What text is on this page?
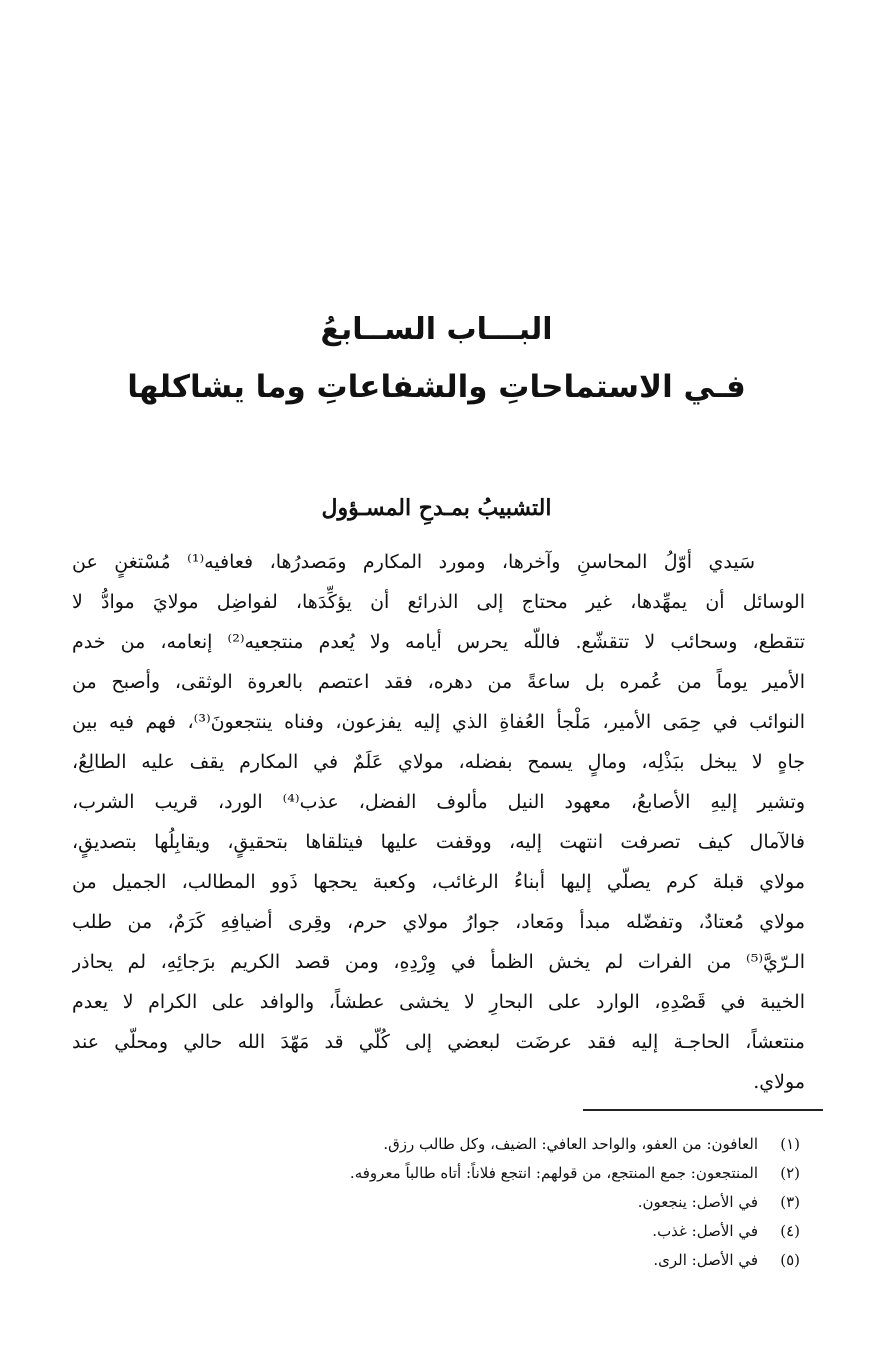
البـــاب الســابعُ
فـي الاستماحاتِ والشفاعاتِ وما يشاكلها
التشبيبُ بمـدحِ المسـؤول
سَيدي أوّلُ المحاسنِ وآخرها، ومورد المكارم ومَصدرُها، فعافيه⁽¹⁾ مُسْتغنٍ عن
الوسائل أن يمهِّدها، غير محتاج إلى الذرائع أن يؤكِّدَها، لفواضِل مولايَ موادُّ لا
تتقطع، وسحائب لا تتقشّع. فاللّه يحرس أيامه ولا يُعدم منتجعيه⁽²⁾ إنعامه، من خدم
الأمير يوماً من عُمره بل ساعةً من دهره، فقد اعتصم بالعروة الوثقى، وأصبح من
النوائب في حِمَى الأمير، مَلْجأ العُفاةِ الذي إليه يفزعون، وفناه ينتجعونَ⁽³⁾، فهم فيه بين
جاهٍ لا يبخل ببَذْلِه، ومالٍ يسمح بفضله، مولاي عَلَمٌ في المكارم يقف عليه الطالِعُ،
وتشير إليهِ الأصابعُ، معهود النيل مألوف الفضل، عذب⁽⁴⁾ الورد، قريب الشرب،
فالآمال كيف تصرفت انتهت إليه، ووقفت عليها فيتلقاها بتحقيقٍ، ويقابِلُها بتصديقٍ،
مولاي قبلة كرم يصلّي إليها أبناءُ الرغائب، وكعبة يحجها ذَوو المطالب، الجميل من
مولاي مُعتادٌ، وتفضّله مبدأ ومَعاد، جوارُ مولاي حرم، وقِرى أضيافِهِ كَرَمٌ، من طلب
الـرّيَّ⁽⁵⁾ من الفرات لم يخش الظمأ في وِرْدِهِ، ومن قصد الكريم برَجائِهِ، لم يحاذر
الخيبة في قَصْدِهِ، الوارد على البحارِ لا يخشى عطشاً، والوافد على الكرام لا يعدم
منتعشاً، الحاجـة إليه فقد عرضَت لبعضي إلى كُلّي قد مَهّدَ الله حالي ومحلّي عند
مولاي.
(١)
العافون: من العفو، والواحد العافي: الضيف، وكل طالب رزق.
(٢)
المنتجعون: جمع المنتجع، من قولهم: انتجع فلاناً: أتاه طالباً معروفه.
(٣)
في الأصل: ينجعون.
(٤)
في الأصل: غذب.
(٥)
في الأصل: الرى.
